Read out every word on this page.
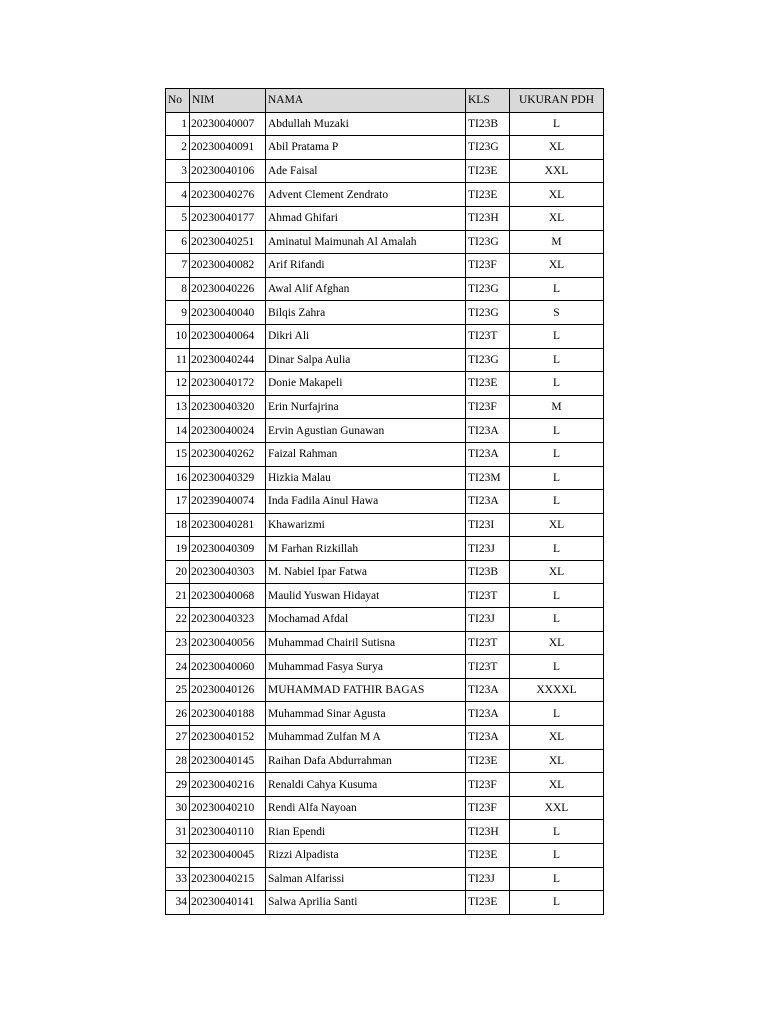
No	NIM	NAMA	KLS	UKURAN PDH
1	20230040007	Abdullah Muzaki	TI23B	L
2	20230040091	Abil Pratama P	TI23G	XL
3	20230040106	Ade Faisal	TI23E	XXL
4	20230040276	Advent Clement Zendrato	TI23E	XL
5	20230040177	Ahmad Ghifari	TI23H	XL
6	20230040251	Aminatul Maimunah Al Amalah	TI23G	M
7	20230040082	Arif Rifandi	TI23F	XL
8	20230040226	Awal Alif Afghan	TI23G	L
9	20230040040	Bilqis Zahra	TI23G	S
10	20230040064	Dikri Ali	TI23T	L
11	20230040244	Dinar Salpa Aulia	TI23G	L
12	20230040172	Donie Makapeli	TI23E	L
13	20230040320	Erin Nurfajrina	TI23F	M
14	20230040024	Ervin Agustian Gunawan	TI23A	L
15	20230040262	Faizal Rahman	TI23A	L
16	20230040329	Hizkia Malau	TI23M	L
17	20239040074	Inda Fadila Ainul Hawa	TI23A	L
18	20230040281	Khawarizmi	TI23I	XL
19	20230040309	M Farhan Rizkillah	TI23J	L
20	20230040303	M. Nabiel Ipar Fatwa	TI23B	XL
21	20230040068	Maulid Yuswan Hidayat	TI23T	L
22	20230040323	Mochamad Afdal	TI23J	L
23	20230040056	Muhammad Chairil Sutisna	TI23T	XL
24	20230040060	Muhammad Fasya Surya	TI23T	L
25	20230040126	MUHAMMAD FATHIR BAGAS	TI23A	XXXXL
26	20230040188	Muhammad Sinar Agusta	TI23A	L
27	20230040152	Muhammad Zulfan M A	TI23A	XL
28	20230040145	Raihan Dafa Abdurrahman	TI23E	XL
29	20230040216	Renaldi Cahya Kusuma	TI23F	XL
30	20230040210	Rendi Alfa Nayoan	TI23F	XXL
31	20230040110	Rian Ependi	TI23H	L
32	20230040045	Rizzi Alpadista	TI23E	L
33	20230040215	Salman Alfarissi	TI23J	L
34	20230040141	Salwa Aprilia Santi	TI23E	L
